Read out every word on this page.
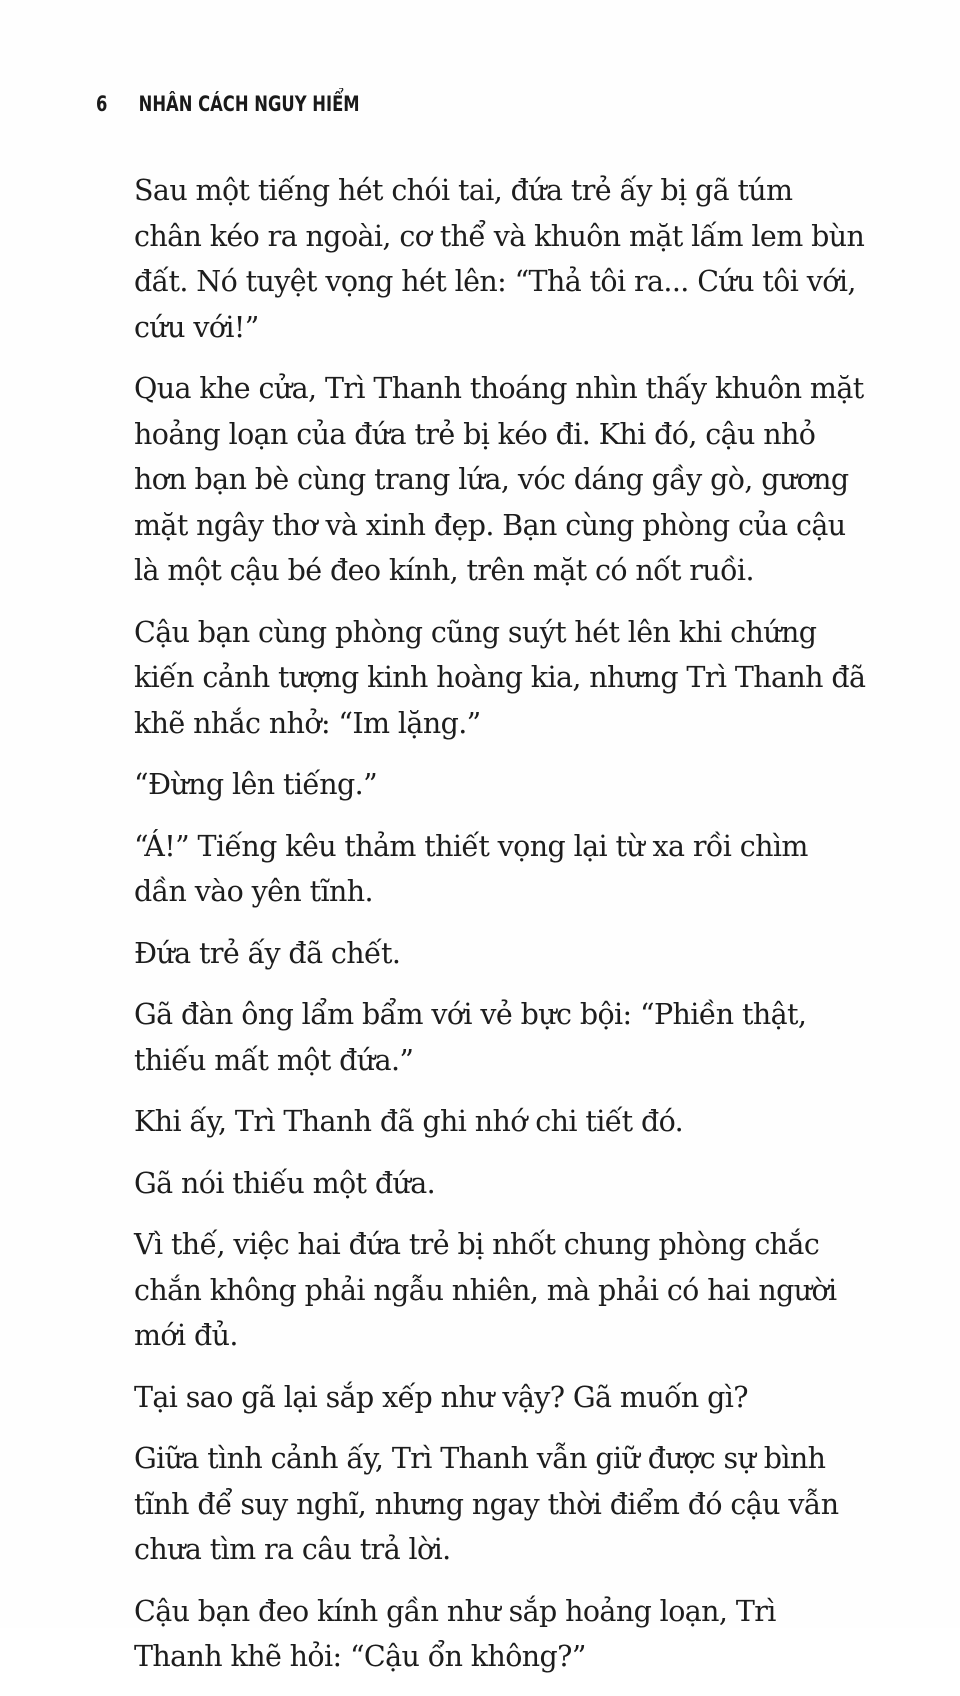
6 NHÂN CÁCH NGUY HIỂM

Sau một tiếng hét chói tai, đứa trẻ ấy bị gã túm chân kéo ra ngoài, cơ thể và khuôn mặt lấm lem bùn đất. Nó tuyệt vọng hét lên: “Thả tôi ra... Cứu tôi với, cứu với!”

Qua khe cửa, Trì Thanh thoáng nhìn thấy khuôn mặt hoảng loạn của đứa trẻ bị kéo đi. Khi đó, cậu nhỏ hơn bạn bè cùng trang lứa, vóc dáng gầy gò, gương mặt ngây thơ và xinh đẹp. Bạn cùng phòng của cậu là một cậu bé đeo kính, trên mặt có nốt ruồi.

Cậu bạn cùng phòng cũng suýt hét lên khi chứng kiến cảnh tượng kinh hoàng kia, nhưng Trì Thanh đã khẽ nhắc nhở: “Im lặng.”

“Đừng lên tiếng.”

“Á!” Tiếng kêu thảm thiết vọng lại từ xa rồi chìm dần vào yên tĩnh.

Đứa trẻ ấy đã chết.

Gã đàn ông lẩm bẩm với vẻ bực bội: “Phiền thật, thiếu mất một đứa.”

Khi ấy, Trì Thanh đã ghi nhớ chi tiết đó.

Gã nói thiếu một đứa.

Vì thế, việc hai đứa trẻ bị nhốt chung phòng chắc chắn không phải ngẫu nhiên, mà phải có hai người mới đủ.

Tại sao gã lại sắp xếp như vậy? Gã muốn gì?

Giữa tình cảnh ấy, Trì Thanh vẫn giữ được sự bình tĩnh để suy nghĩ, nhưng ngay thời điểm đó cậu vẫn chưa tìm ra câu trả lời.

Cậu bạn đeo kính gần như sắp hoảng loạn, Trì Thanh khẽ hỏi: “Cậu ổn không?”
